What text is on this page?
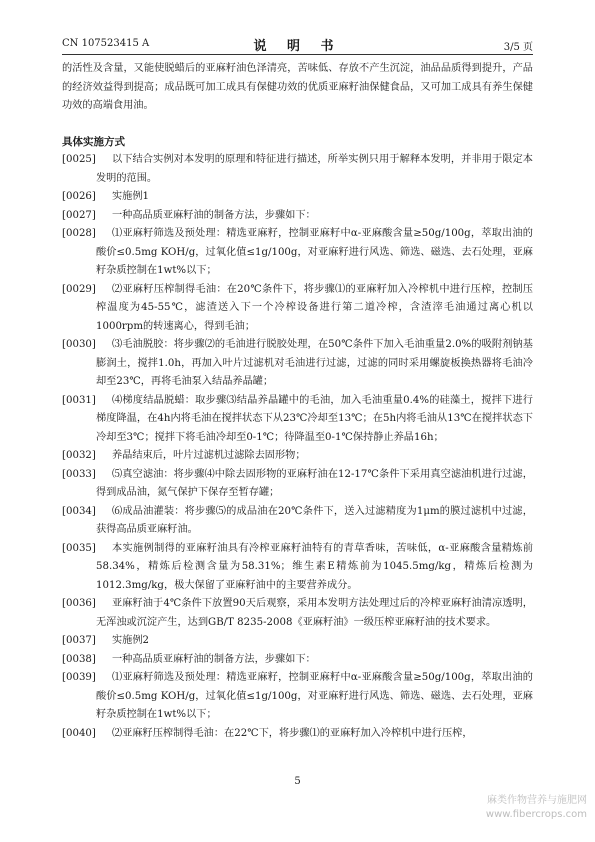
CN 107523415 A	说 明 书	3/5 页

的活性及含量，又能使脱蜡后的亚麻籽油色泽清亮，苦味低、存放不产生沉淀，油品品质得到提升，产品的经济效益得到提高；成品既可加工成具有保健功效的优质亚麻籽油保健食品，又可加工成具有养生保健功效的高端食用油。

具体实施方式

[0025]	以下结合实例对本发明的原理和特征进行描述，所举实例只用于解释本发明，并非用于限定本发明的范围。

[0026]	实施例1

[0027]	一种高品质亚麻籽油的制备方法，步骤如下：

[0028]	⑴亚麻籽筛选及预处理：精选亚麻籽，控制亚麻籽中α-亚麻酸含量≥50g/100g，萃取出油的酸价≤0.5mg KOH/g，过氧化值≤1g/100g，对亚麻籽进行风选、筛选、磁选、去石处理，亚麻籽杂质控制在1wt%以下；

[0029]	⑵亚麻籽压榨制得毛油：在20℃条件下，将步骤⑴的亚麻籽加入冷榨机中进行压榨，控制压榨温度为45-55℃，滤渣送入下一个冷榨设备进行第二道冷榨，含渣滓毛油通过离心机以1000rpm的转速离心，得到毛油；

[0030]	⑶毛油脱胶：将步骤⑵的毛油进行脱胶处理，在50℃条件下加入毛油重量2.0%的吸附剂钠基膨润土，搅拌1.0h，再加入叶片过滤机对毛油进行过滤，过滤的同时采用螺旋板换热器将毛油冷却至23℃，再将毛油泵入结晶养晶罐；

[0031]	⑷梯度结晶脱蜡：取步骤⑶结晶养晶罐中的毛油，加入毛油重量0.4%的硅藻土，搅拌下进行梯度降温，在4h内将毛油在搅拌状态下从23℃冷却至13℃；在5h内将毛油从13℃在搅拌状态下冷却至3℃；搅拌下将毛油冷却至0-1℃；待降温至0-1℃保持静止养晶16h；

[0032]	养晶结束后，叶片过滤机过滤除去固形物；

[0033]	⑸真空滤油：将步骤⑷中除去固形物的亚麻籽油在12-17℃条件下采用真空滤油机进行过滤，得到成品油，氮气保护下保存至暂存罐；

[0034]	⑹成品油灌装：将步骤⑸的成品油在20℃条件下，送入过滤精度为1μm的膜过滤机中过滤，获得高品质亚麻籽油。

[0035]	本实施例制得的亚麻籽油具有冷榨亚麻籽油特有的青草香味，苦味低，α-亚麻酸含量精炼前58.34%，精炼后检测含量为58.31%；维生素E精炼前为1045.5mg/kg，精炼后检测为1012.3mg/kg，极大保留了亚麻籽油中的主要营养成分。

[0036]	亚麻籽油于4℃条件下放置90天后观察，采用本发明方法处理过后的冷榨亚麻籽油清凉透明，无浑浊或沉淀产生，达到GB/T 8235-2008《亚麻籽油》一级压榨亚麻籽油的技术要求。

[0037]	实施例2

[0038]	一种高品质亚麻籽油的制备方法，步骤如下：

[0039]	⑴亚麻籽筛选及预处理：精选亚麻籽，控制亚麻籽中α-亚麻酸含量≥50g/100g，萃取出油的酸价≤0.5mg KOH/g，过氧化值≤1g/100g，对亚麻籽进行风选、筛选、磁选、去石处理，亚麻籽杂质控制在1wt%以下；

[0040]	⑵亚麻籽压榨制得毛油：在22℃下，将步骤⑴的亚麻籽加入冷榨机中进行压榨，

5
麻类作物营养与施肥网
www.fibercrops.com
